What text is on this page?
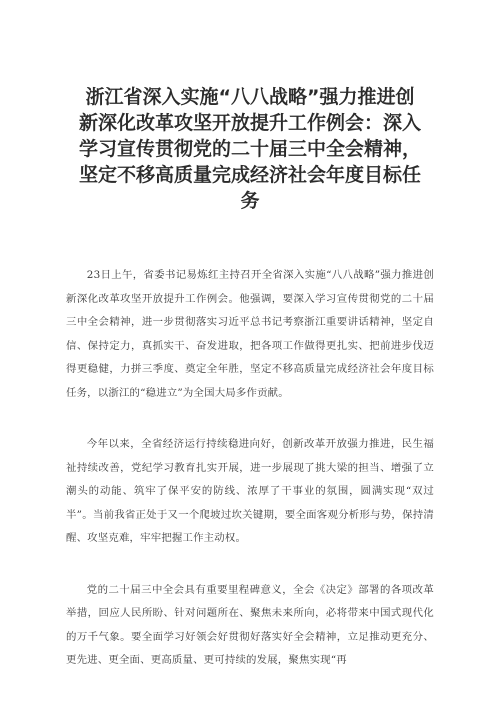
浙江省深入实施“八八战略”强力推进创新深化改革攻坚开放提升工作例会：深入学习宣传贯彻党的二十届三中全会精神，坚定不移高质量完成经济社会年度目标任务

23日上午，省委书记易炼红主持召开全省深入实施“八八战略”强力推进创新深化改革攻坚开放提升工作例会。他强调，要深入学习宣传贯彻党的二十届三中全会精神，进一步贯彻落实习近平总书记考察浙江重要讲话精神，坚定自信、保持定力，真抓实干、奋发进取，把各项工作做得更扎实、把前进步伐迈得更稳健，力拼三季度、奠定全年胜，坚定不移高质量完成经济社会年度目标任务，以浙江的“稳进立”为全国大局多作贡献。

今年以来，全省经济运行持续稳进向好，创新改革开放强力推进，民生福祉持续改善，党纪学习教育扎实开展，进一步展现了挑大梁的担当、增强了立潮头的动能、筑牢了保平安的防线、浓厚了干事业的氛围，圆满实现“双过半”。当前我省正处于又一个爬坡过坎关键期，要全面客观分析形与势，保持清醒、攻坚克难，牢牢把握工作主动权。

党的二十届三中全会具有重要里程碑意义，全会《决定》部署的各项改革举措，回应人民所盼、针对问题所在、聚焦未来所向，必将带来中国式现代化的万千气象。要全面学习好领会好贯彻好落实好全会精神，立足推动更充分、更先进、更全面、更高质量、更可持续的发展，聚焦实现“再
